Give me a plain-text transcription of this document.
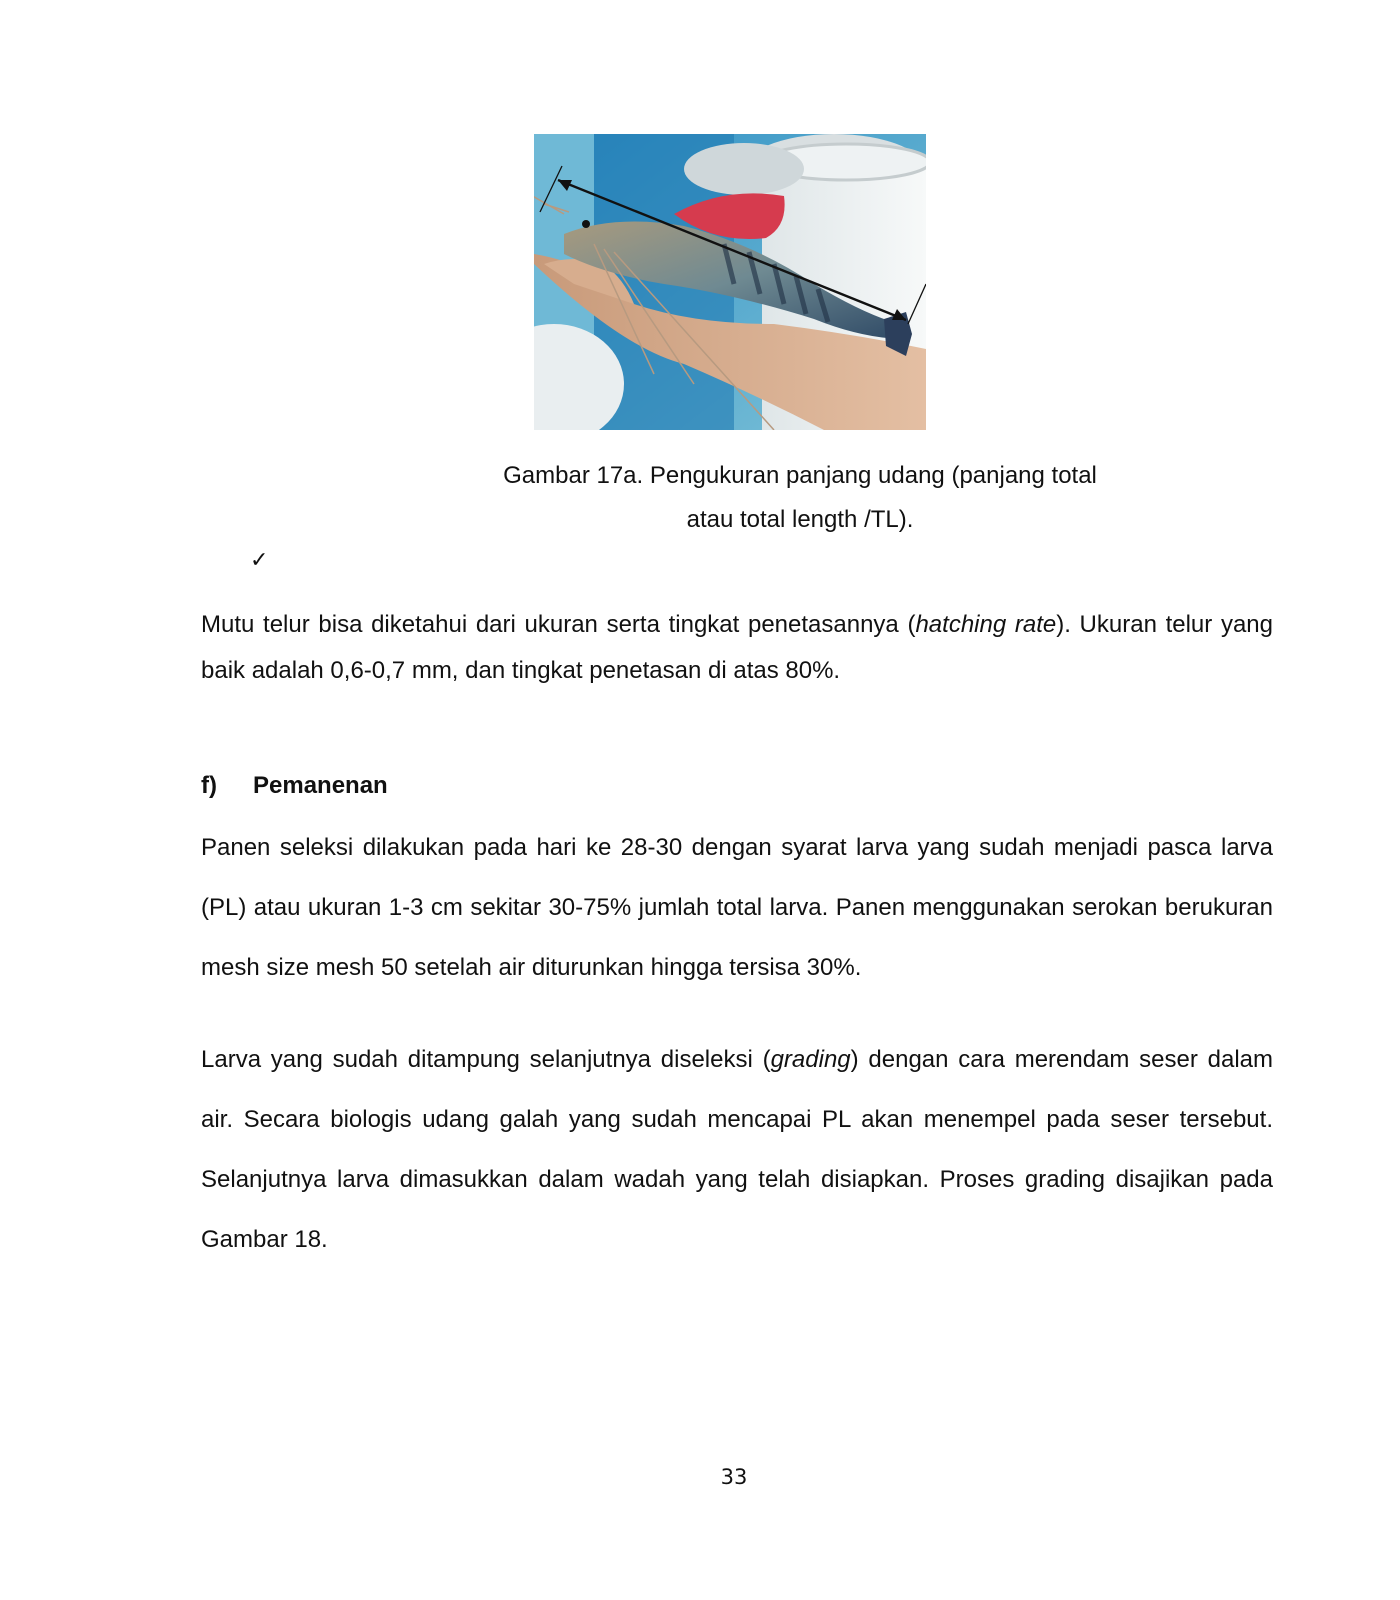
Gambar 17a. Pengukuran panjang udang (panjang total
atau total length /TL).
✓

Mutu telur bisa diketahui dari ukuran serta tingkat penetasannya (hatching rate). Ukuran telur yang baik adalah 0,6-0,7 mm, dan tingkat penetasan di atas 80%.

f) Pemanenan

Panen seleksi dilakukan pada hari ke 28-30 dengan syarat larva yang sudah menjadi pasca larva (PL) atau ukuran 1-3 cm sekitar 30-75% jumlah total larva. Panen menggunakan serokan berukuran mesh size mesh 50 setelah air diturunkan hingga tersisa 30%.

Larva yang sudah ditampung selanjutnya diseleksi (grading) dengan cara merendam seser dalam air. Secara biologis udang galah yang sudah mencapai PL akan menempel pada seser tersebut. Selanjutnya larva dimasukkan dalam wadah yang telah disiapkan. Proses grading disajikan pada Gambar 18.

33
